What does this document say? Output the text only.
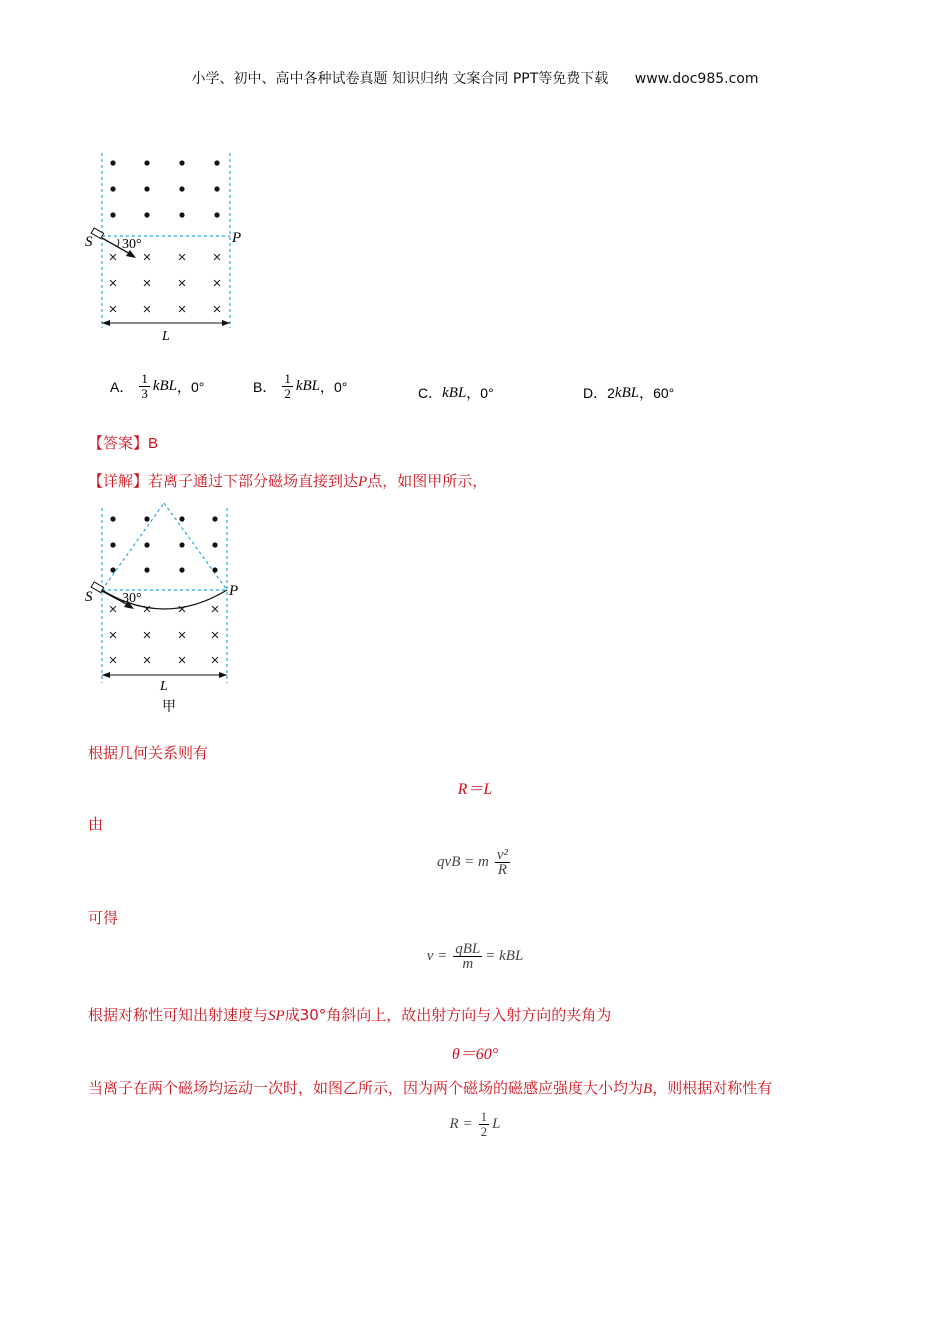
小学、初中、高中各种试卷真题 知识归纳 文案合同 PPT等免费下载 www.doc985.com
× × × ×
× × × ×
× × × ×
30°
S	P
L
A． $\frac{1}{3}$ kBL ，0°	B． $\frac{1}{2}$ kBL ，0°	C． kBL ，0°	D． 2 kBL ，60°
【答案】B
【详解】若离子通过下部分磁场直接到达P点，如图甲所示，
× × × ×
× × × ×
× × × ×
30°
S	P
L
甲
根据几何关系则有
R＝L
由
qvB = m $\frac{\text{v²}}{R}$
可得
$v = \frac{\text{qBL}}{m}$ = kBL
根据对称性可知出射速度与SP成30°角斜向上，故出射方向与入射方向的夹角为
θ＝60°
当离子在两个磁场均运动一次时，如图乙所示，因为两个磁场的磁感应强度大小均为B，则根据对称性有
$R = \frac{1}{2}$ L
